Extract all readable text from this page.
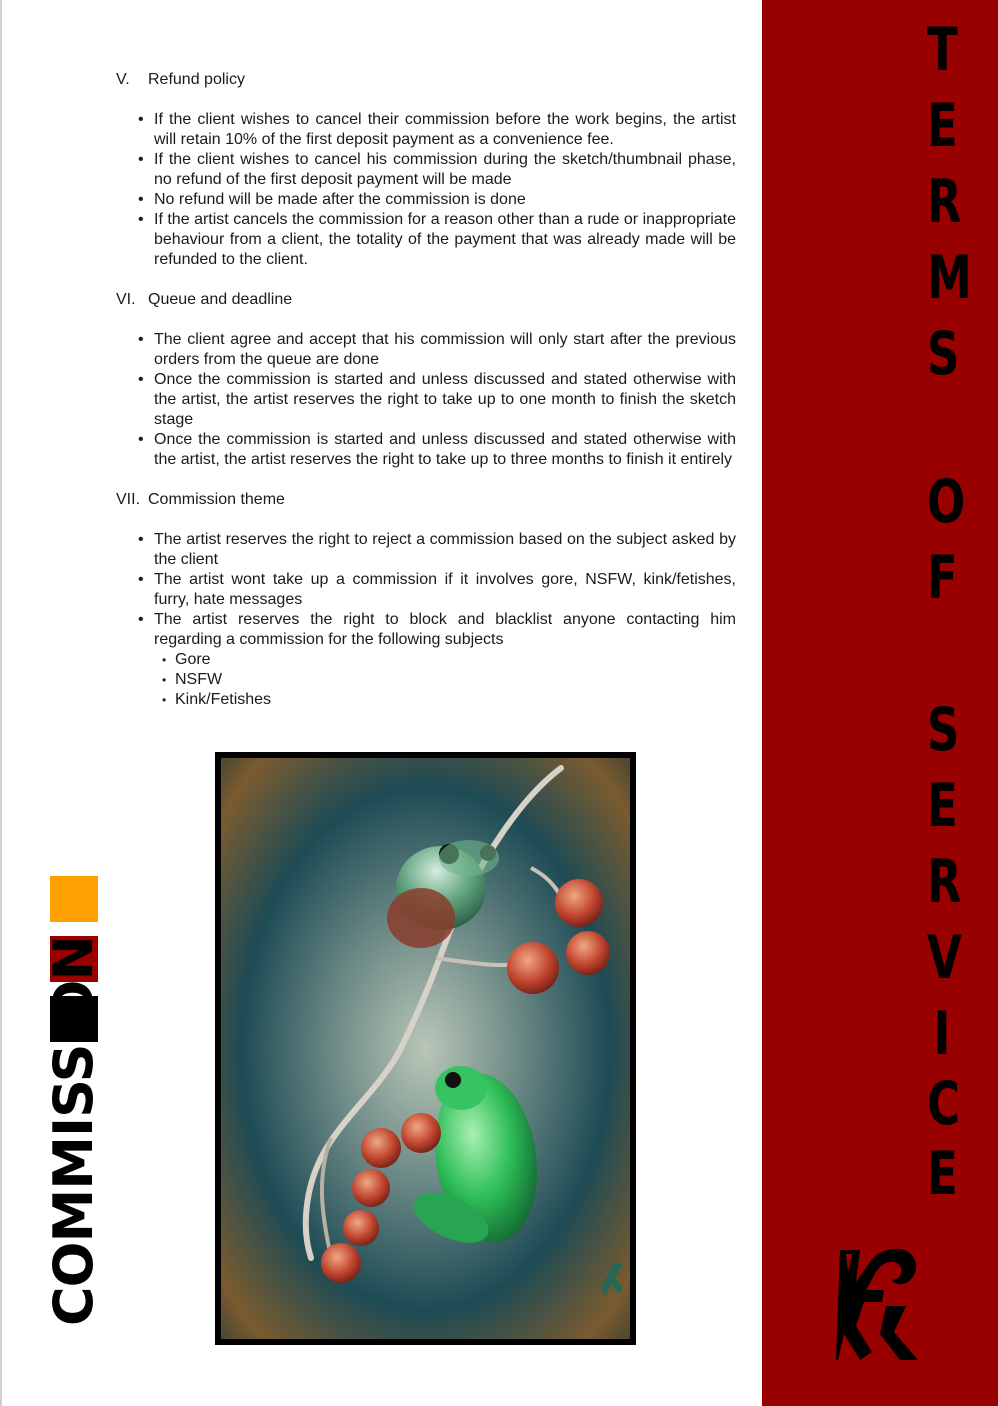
V.	Refund policy
• If the client wishes to cancel their commission before the work begins, the artist will retain 10% of the first deposit payment as a convenience fee.
• If the client wishes to cancel his commission during the sketch/thumbnail phase, no refund of the first deposit payment will be made
• No refund will be made after the commission is done
• If the artist cancels the commission for a reason other than a rude or inappropriate behaviour from a client, the totality of the payment that was already made will be refunded to the client.
VI. Queue and deadline
• The client agree and accept that his commission will only start after the previous orders from the queue are done
• Once the commission is started and unless discussed and stated otherwise with the artist, the artist reserves the right to take up to one month to finish the sketch stage
• Once the commission is started and unless discussed and stated otherwise with the artist, the artist reserves the right to take up to three months to finish it entirely
VII. Commission theme
• The artist reserves the right to reject a commission based on the subject asked by the client
• The artist wont take up a commission if it involves gore, NSFW, kink/fetishes, furry, hate messages
• The artist reserves the right to block and blacklist anyone contacting him regarding a commission for the following subjects
• Gore
• NSFW
• Kink/Fetishes
COMMISSION
T
E
R
M
S
O
F
S
E
R
V
I
C
E
